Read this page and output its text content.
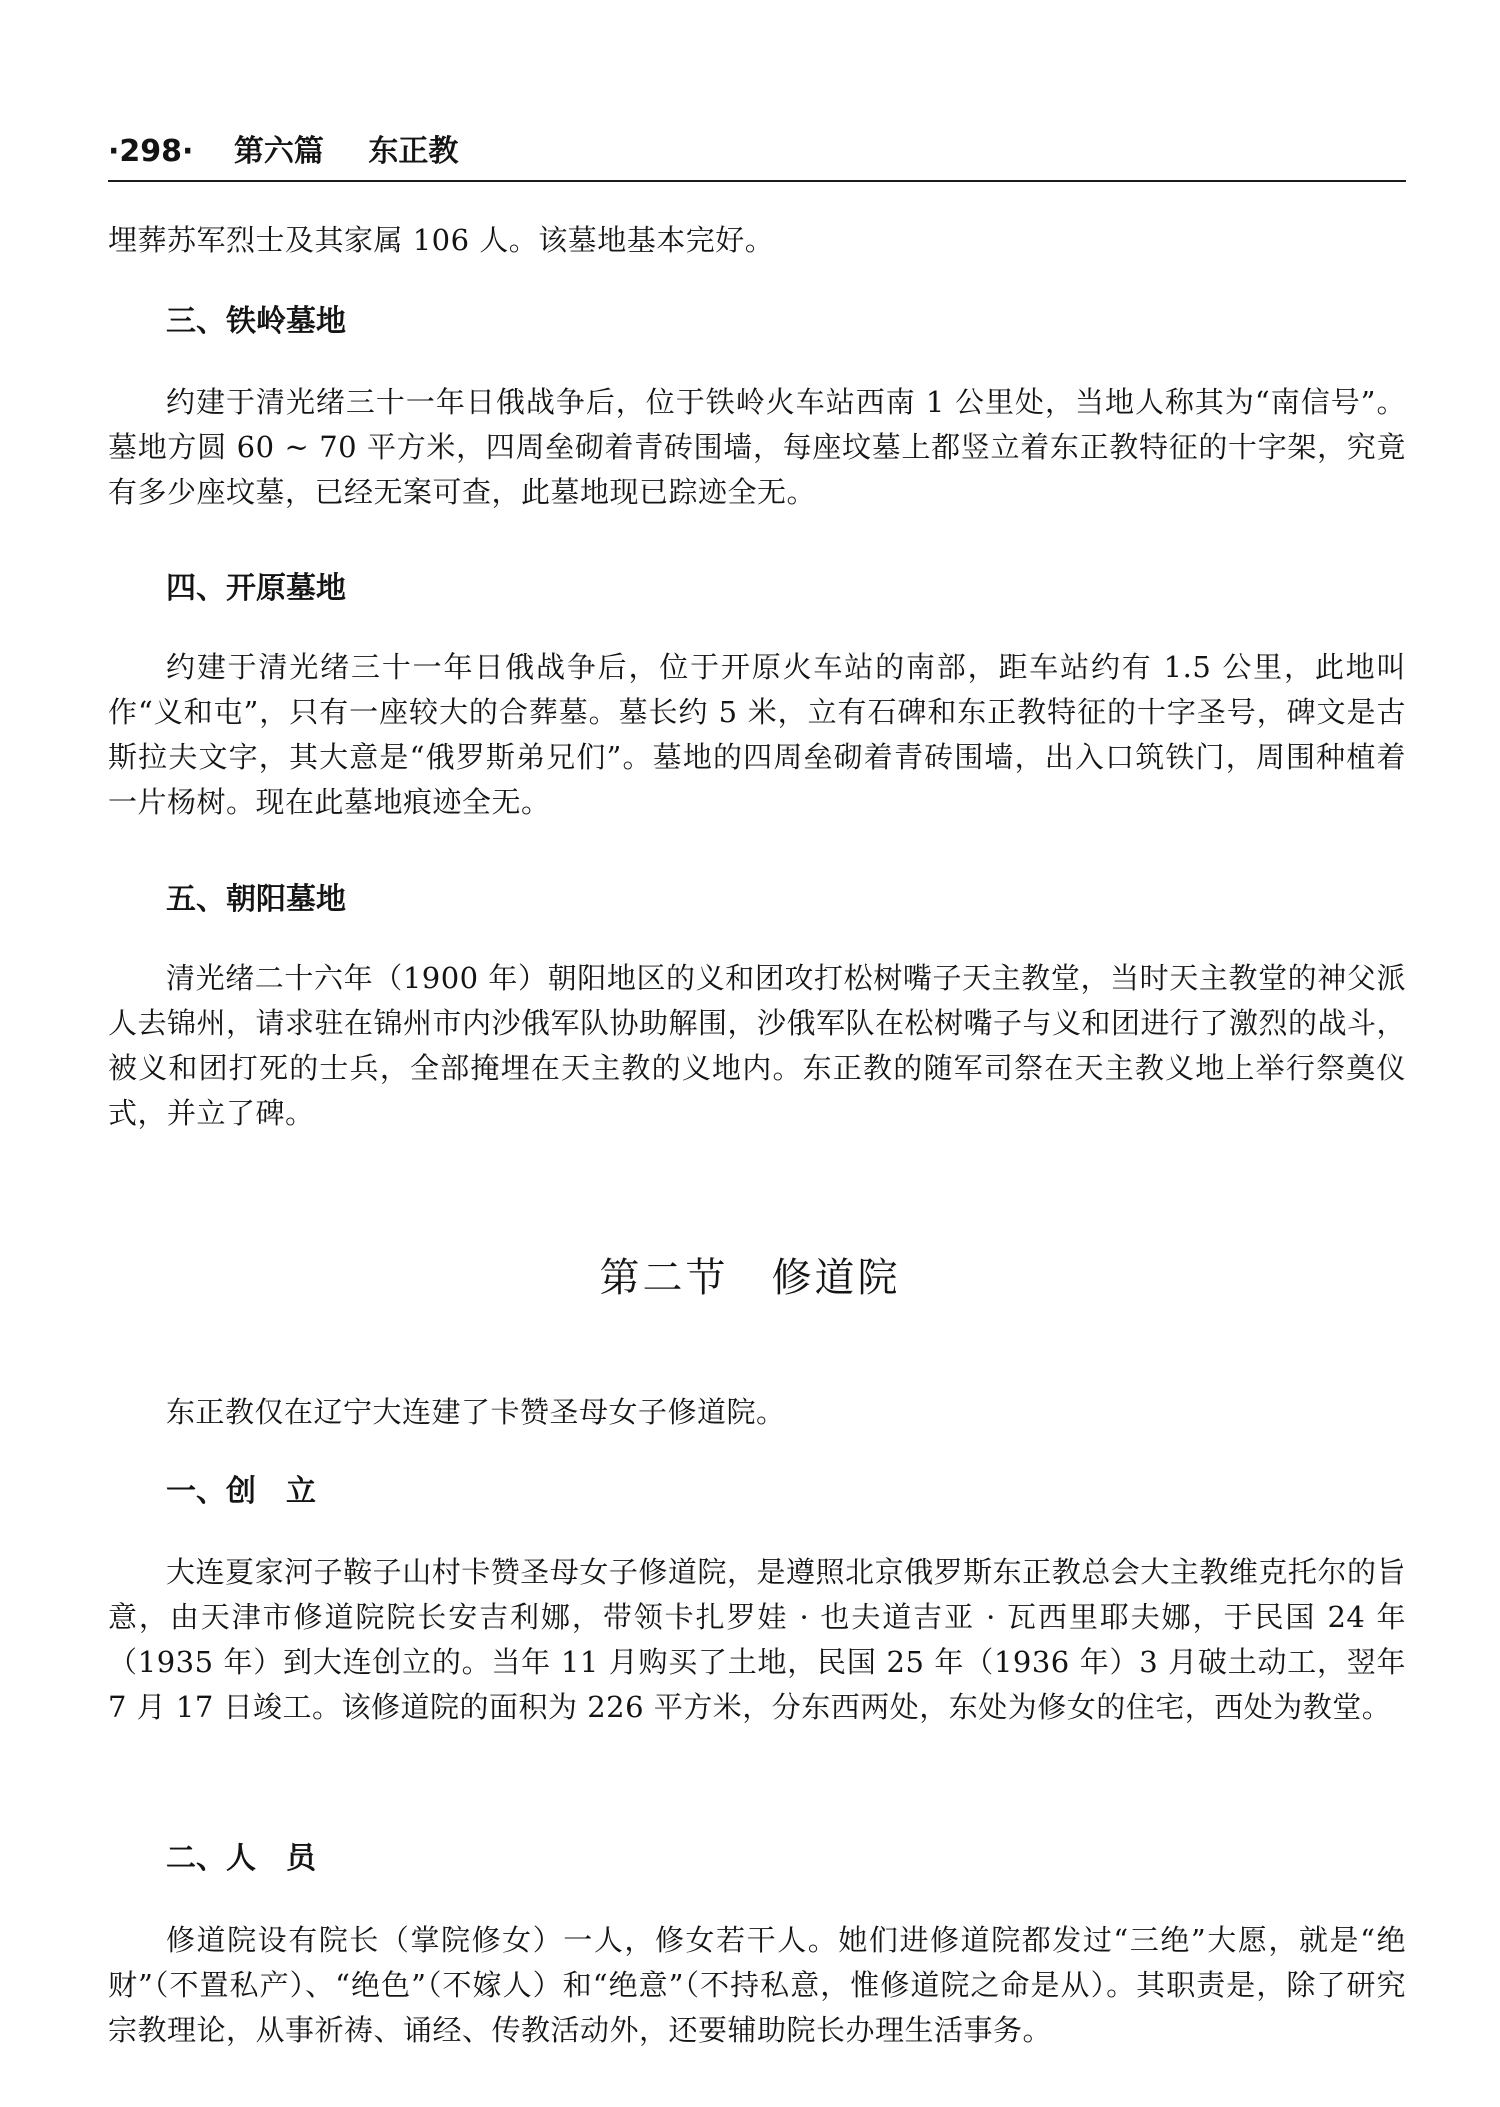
·298· 第六篇 东正教

埋葬苏军烈士及其家属 106 人。该墓地基本完好。

三、铁岭墓地

约建于清光绪三十一年日俄战争后，位于铁岭火车站西南 1 公里处，当地人称其为“南信号”。墓地方圆 60 ~ 70 平方米，四周垒砌着青砖围墙，每座坟墓上都竖立着东正教特征的十字架，究竟有多少座坟墓，已经无案可查，此墓地现已踪迹全无。

四、开原墓地

约建于清光绪三十一年日俄战争后，位于开原火车站的南部，距车站约有 1.5 公里，此地叫作“义和屯”，只有一座较大的合葬墓。墓长约 5 米，立有石碑和东正教特征的十字圣号，碑文是古斯拉夫文字，其大意是“俄罗斯弟兄们”。墓地的四周垒砌着青砖围墙，出入口筑铁门，周围种植着一片杨树。现在此墓地痕迹全无。

五、朝阳墓地

清光绪二十六年（1900 年）朝阳地区的义和团攻打松树嘴子天主教堂，当时天主教堂的神父派人去锦州，请求驻在锦州市内沙俄军队协助解围，沙俄军队在松树嘴子与义和团进行了激烈的战斗，被义和团打死的士兵，全部掩埋在天主教的义地内。东正教的随军司祭在天主教义地上举行祭奠仪式，并立了碑。

第二节　修道院

东正教仅在辽宁大连建了卡赞圣母女子修道院。

一、创　立

大连夏家河子鞍子山村卡赞圣母女子修道院，是遵照北京俄罗斯东正教总会大主教维克托尔的旨意，由天津市修道院院长安吉利娜，带领卡扎罗娃 · 也夫道吉亚 · 瓦西里耶夫娜，于民国 24 年（1935 年）到大连创立的。当年 11 月购买了土地，民国 25 年（1936 年）3 月破土动工，翌年 7 月 17 日竣工。该修道院的面积为 226 平方米，分东西两处，东处为修女的住宅，西处为教堂。

二、人　员

修道院设有院长（掌院修女）一人，修女若干人。她们进修道院都发过“三绝”大愿，就是“绝财”（不置私产）、“绝色”（不嫁人）和“绝意”（不持私意，惟修道院之命是从）。其职责是，除了研究宗教理论，从事祈祷、诵经、传教活动外，还要辅助院长办理生活事务。
